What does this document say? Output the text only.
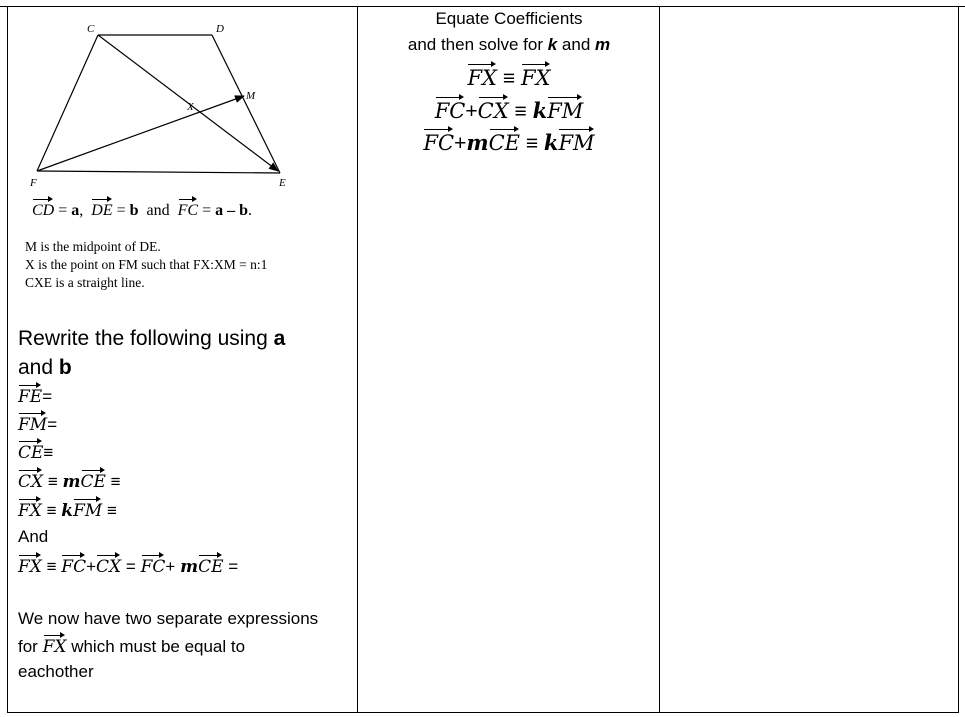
C	D
M
X
F	E
CD = a,  DE = b and FC = a – b.
M is the midpoint of DE.
X is the point on FM such that FX:XM = n:1
CXE is a straight line.
Rewrite the following using a
and b
FE=
FM=
CE≡
CX ≡ mCE ≡
FX ≡ kFM ≡
And
FX ≡ FC+CX = FC+ mCE =
We now have two separate expressions
for FX which must be equal to
eachother
Equate Coefficients
and then solve for k and m
FX ≡ FX
FC+CX ≡ kFM
FC+mCE ≡ kFM
